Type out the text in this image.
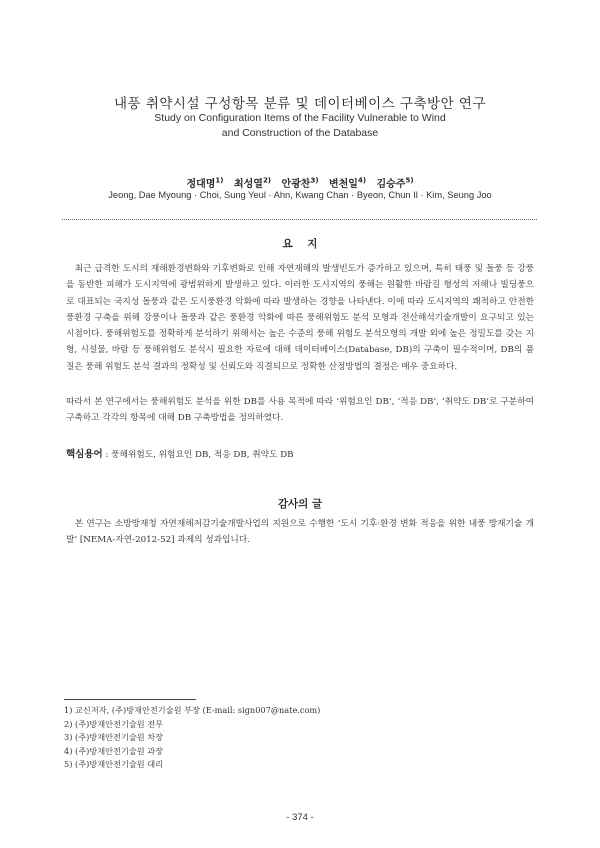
내풍 취약시설 구성항목 분류 및 데이터베이스 구축방안 연구
Study on Configuration Items of the Facility Vulnerable to Wind
and Construction of the Database
정대명$^{1)}$ 최성열$^{2)}$ 안광찬$^{3)}$ 변천일$^{4)}$ 김승주$^{5)}$
Jeong, Dae Myoung · Choi, Sung Yeul · Ahn, Kwang Chan · Byeon, Chun Il · Kim, Seung Joo
요    지
최근 급격한 도시의 재해환경변화와 기후변화로 인해 자연재해의 발생빈도가 증가하고 있으며, 특히 태풍 및 돌풍 등 강풍을 동반한 피해가 도시지역에 광범위하게 발생하고 있다. 이러한 도시지역의 풍해는 원활한 바람길 형성의 저해나 빌딩풍으로 대표되는 국지성 돌풍과 같은 도시풍환경 악화에 따라 발생하는 경향을 나타낸다. 이에 따라 도시지역의 쾌적하고 안전한 풍환경 구축을 위해 강풍이나 돌풍과 같은 풍환경 악화에 따른 풍해위험도 분석 모형과 전산해석기술개발이 요구되고 있는 시점이다. 풍해위험도를 정확하게 분석하기 위해서는 높은 수준의 풍해 위험도 분석모형의 개발 외에 높은 정밀도를 갖는 지형, 시설물, 바람 등 풍해위험도 분석시 필요한 자료에 대해 데이터베이스(Database, DB)의 구축이 필수적이며, DB의 품질은 풍해 위험도 분석 결과의 정확성 및 신뢰도와 직결되므로 정확한 산정방법의 결정은 매우 중요하다.
따라서 본 연구에서는 풍해위험도 분석을 위한 DB를 사용 목적에 따라 ‘위험요인 DB’, ‘적응 DB’, ‘취약도 DB’로 구분하여 구축하고 각각의 항목에 대해 DB 구축방법을 정의하였다.
핵심용어 : 풍해위험도, 위험요인 DB, 적응 DB, 취약도 DB
감사의 글
본 연구는 소방방재청 자연재해저감기술개발사업의 지원으로 수행한 ‘도시 기후·환경 변화 적응을 위한 내풍 방재기술 개발’ [NEMA-자연-2012-52] 과제의 성과입니다.
1) 교신저자, (주)방재안전기술원 부장 (E-mail: sign007@nate.com)
2) (주)방재안전기술원 전무
3) (주)방재안전기술원 차장
4) (주)방재안전기술원 과장
5) (주)방재안전기술원 대리
- 374 -
